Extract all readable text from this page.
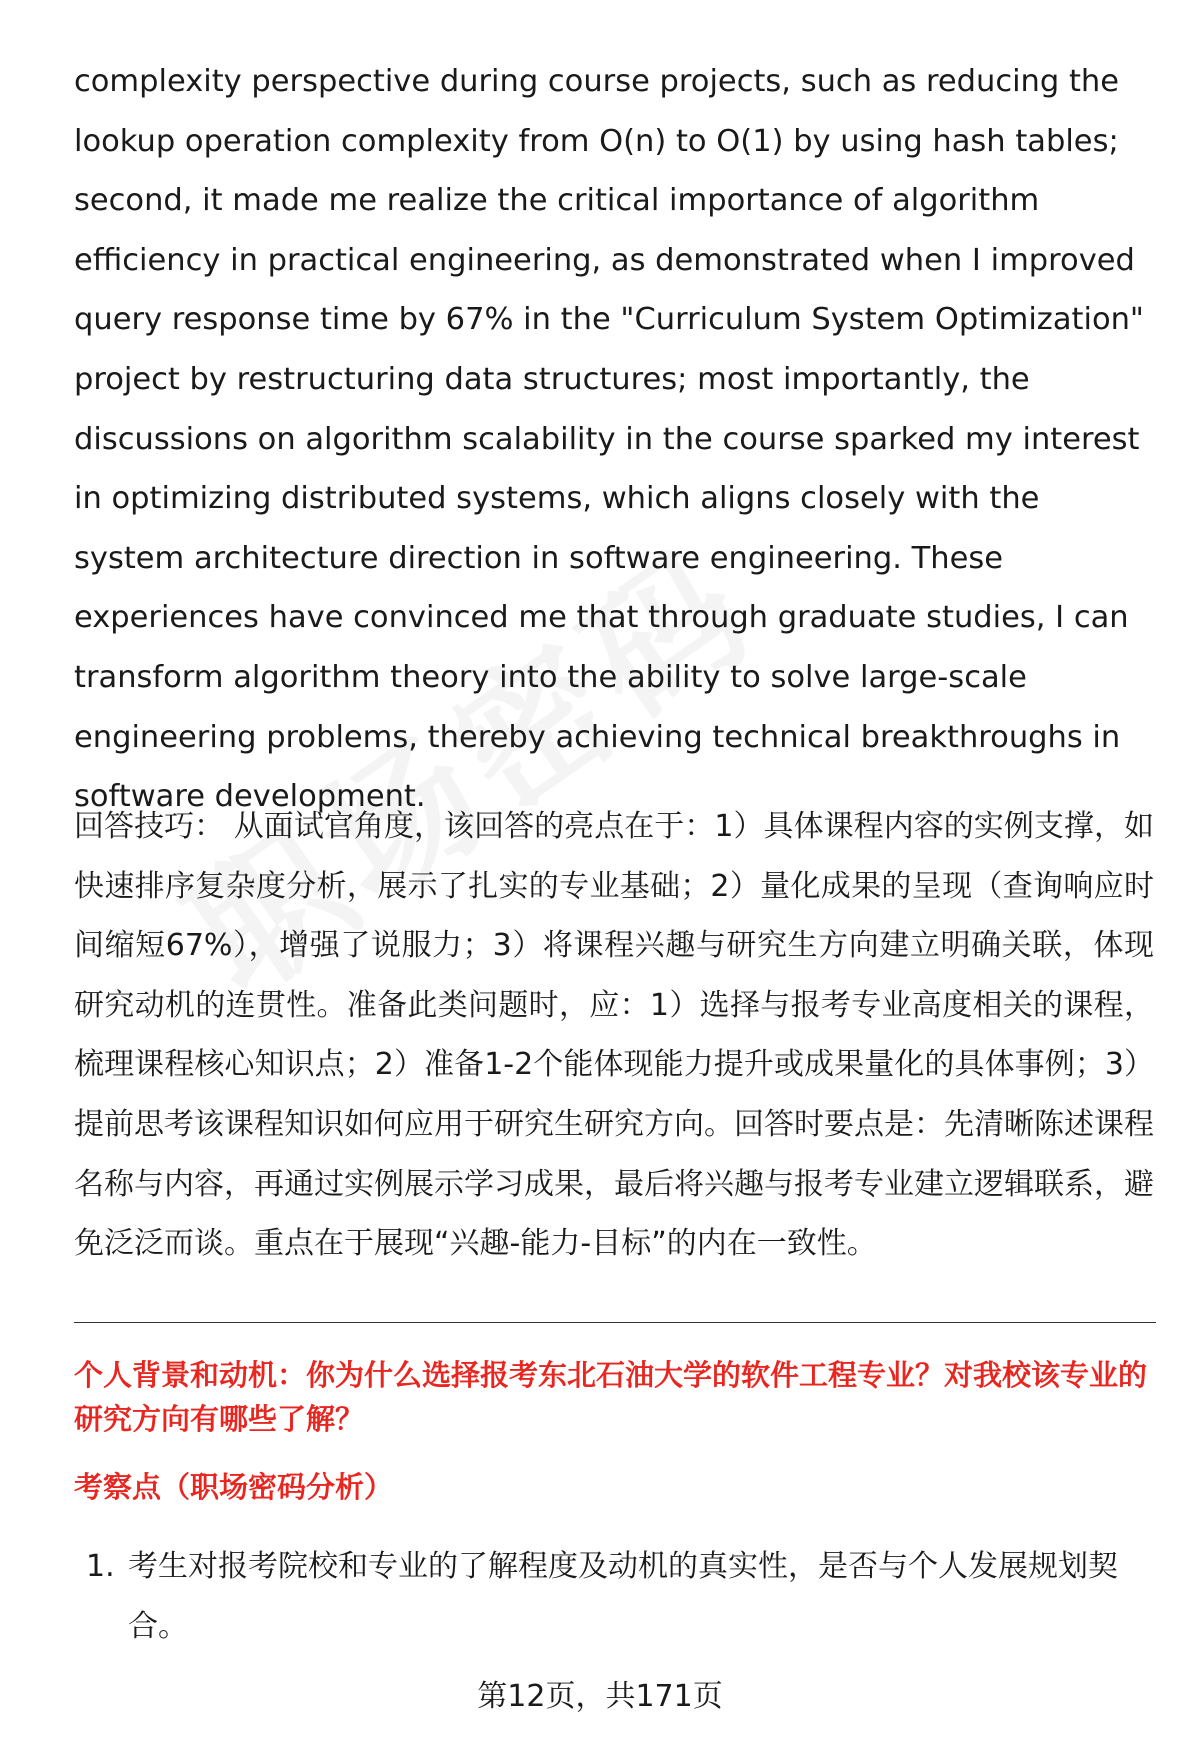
complexity perspective during course projects, such as reducing the lookup operation complexity from O(n) to O(1) by using hash tables; second, it made me realize the critical importance of algorithm efficiency in practical engineering, as demonstrated when I improved query response time by 67% in the "Curriculum System Optimization" project by restructuring data structures; most importantly, the discussions on algorithm scalability in the course sparked my interest in optimizing distributed systems, which aligns closely with the system architecture direction in software engineering. These experiences have convinced me that through graduate studies, I can transform algorithm theory into the ability to solve large-scale engineering problems, thereby achieving technical breakthroughs in software development.

回答技巧： 从面试官角度，该回答的亮点在于：1）具体课程内容的实例支撑，如快速排序复杂度分析，展示了扎实的专业基础；2）量化成果的呈现（查询响应时间缩短67%），增强了说服力；3）将课程兴趣与研究生方向建立明确关联，体现研究动机的连贯性。准备此类问题时，应：1）选择与报考专业高度相关的课程，梳理课程核心知识点；2）准备1-2个能体现能力提升或成果量化的具体事例；3）提前思考该课程知识如何应用于研究生研究方向。回答时要点是：先清晰陈述课程名称与内容，再通过实例展示学习成果，最后将兴趣与报考专业建立逻辑联系，避免泛泛而谈。重点在于展现“兴趣-能力-目标”的内在一致性。

个人背景和动机：你为什么选择报考东北石油大学的软件工程专业？对我校该专业的研究方向有哪些了解？

考察点（职场密码分析）

1. 考生对报考院校和专业的了解程度及动机的真实性，是否与个人发展规划契合。
第12页，共171页
